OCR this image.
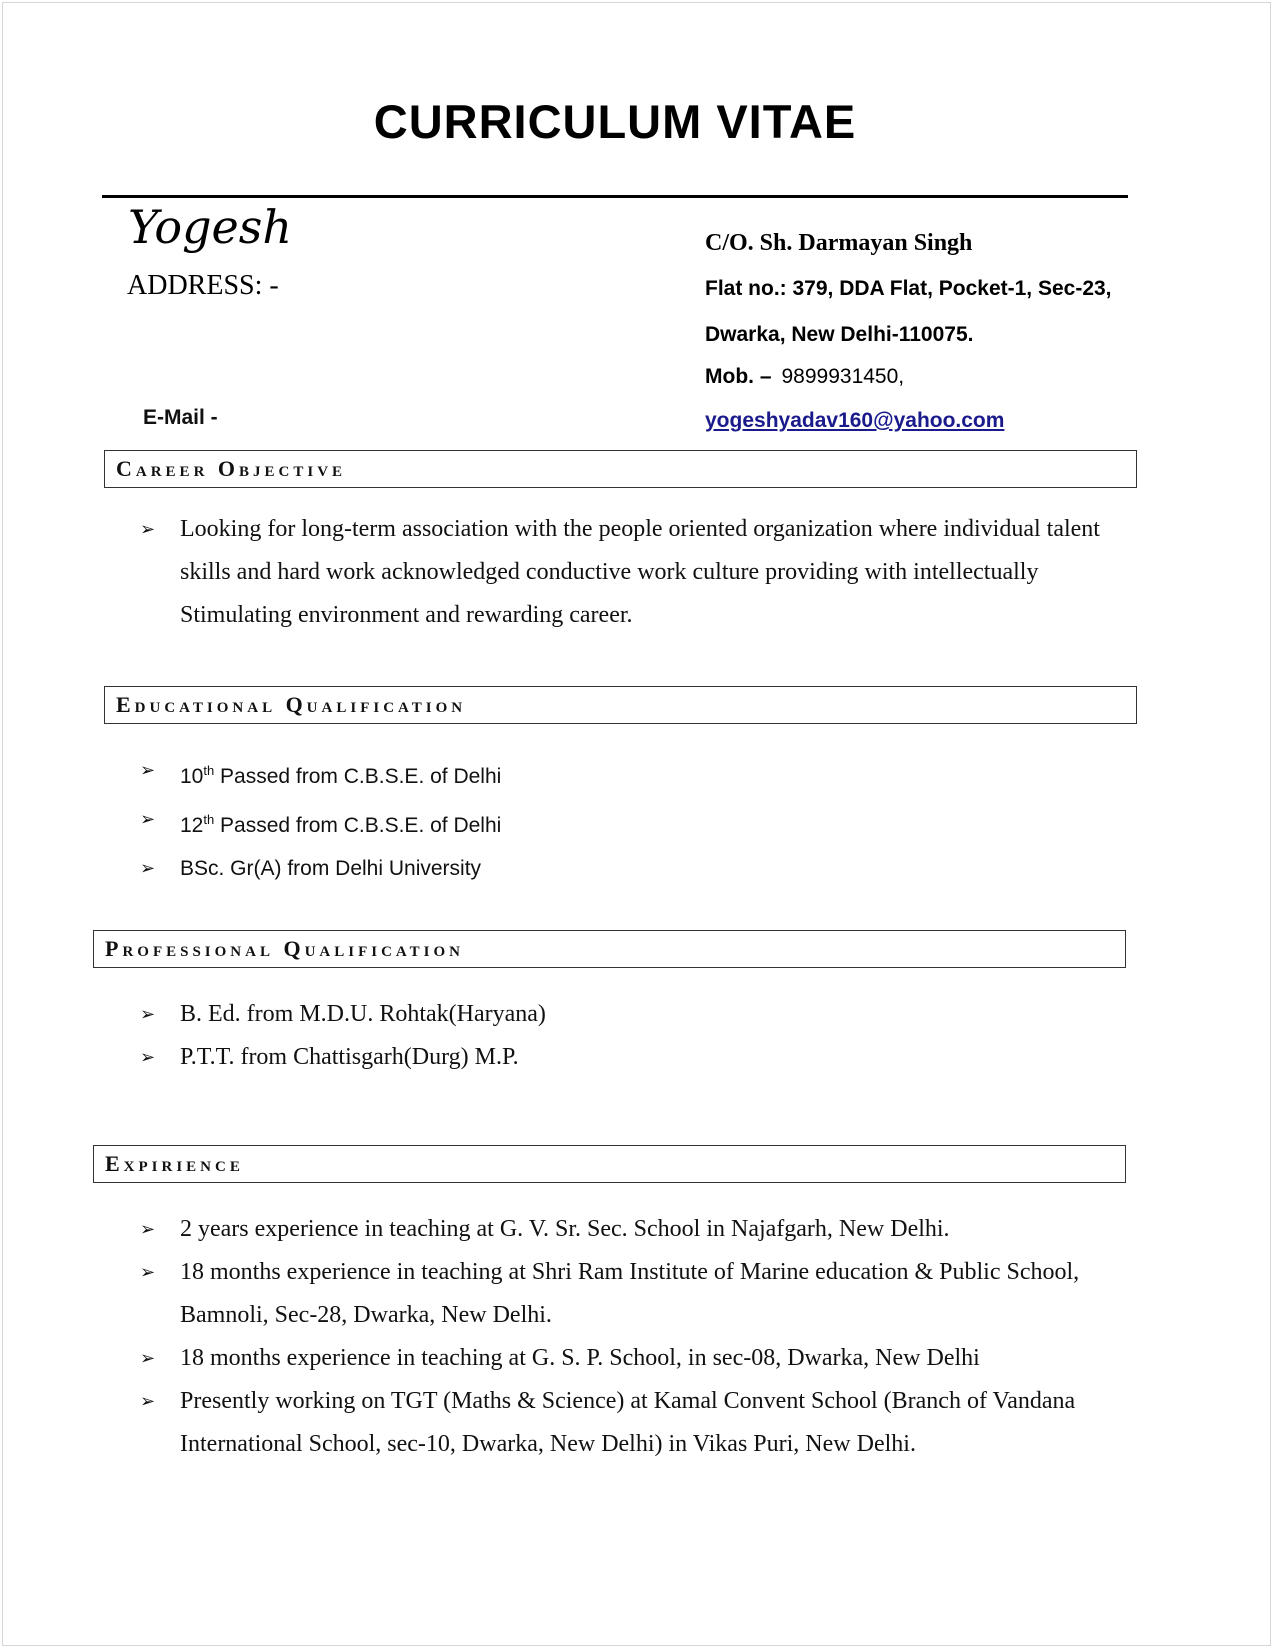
CURRICULUM VITAE
Yogesh
ADDRESS: -
E-Mail -
C/O. Sh. Darmayan Singh
Flat no.: 379, DDA Flat, Pocket-1, Sec-23,
Dwarka, New Delhi-110075.
Mob. – 9899931450,
yogeshyadav160@yahoo.com
Career Objective
➢ Looking for long-term association with the people oriented organization where individual talent skills and hard work acknowledged conductive work culture providing with intellectually Stimulating environment and rewarding career.
Educational Qualification
➢ 10th Passed from C.B.S.E. of Delhi
➢ 12th Passed from C.B.S.E. of Delhi
➢ BSc. Gr(A) from Delhi University
Professional Qualification
➢ B. Ed. from M.D.U. Rohtak(Haryana)
➢ P.T.T. from Chattisgarh(Durg) M.P.
Expirience
➢ 2 years experience in teaching at G. V. Sr. Sec. School in Najafgarh, New Delhi.
➢ 18 months experience in teaching at Shri Ram Institute of Marine education & Public School, Bamnoli, Sec-28, Dwarka, New Delhi.
➢ 18 months experience in teaching at G. S. P. School, in sec-08, Dwarka, New Delhi
➢ Presently working on TGT (Maths & Science) at Kamal Convent School (Branch of Vandana International School, sec-10, Dwarka, New Delhi) in Vikas Puri, New Delhi.
